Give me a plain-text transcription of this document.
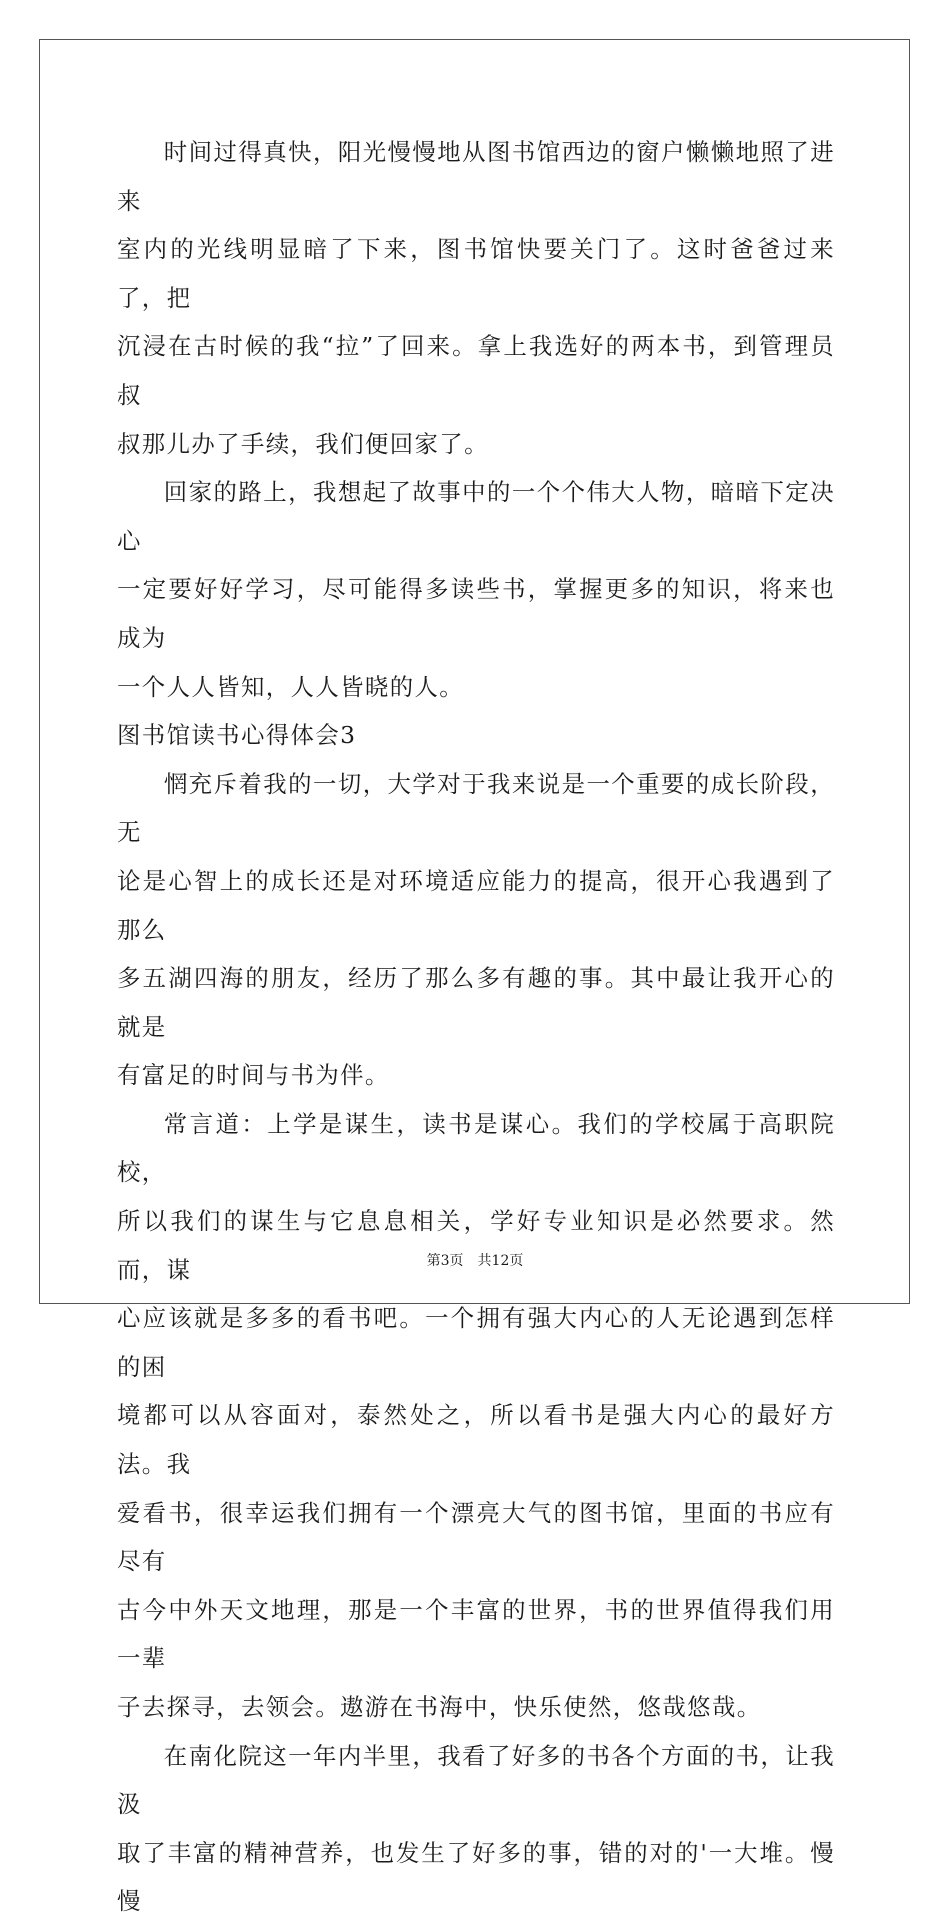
时间过得真快，阳光慢慢地从图书馆西边的窗户懒懒地照了进来
室内的光线明显暗了下来，图书馆快要关门了。这时爸爸过来了，把
沉浸在古时候的我“拉”了回来。拿上我选好的两本书，到管理员叔
叔那儿办了手续，我们便回家了。

回家的路上，我想起了故事中的一个个伟大人物，暗暗下定决心
一定要好好学习，尽可能得多读些书，掌握更多的知识，将来也成为
一个人人皆知，人人皆晓的人。

图书馆读书心得体会3

惘充斥着我的一切，大学对于我来说是一个重要的成长阶段，无
论是心智上的成长还是对环境适应能力的提高，很开心我遇到了那么
多五湖四海的朋友，经历了那么多有趣的事。其中最让我开心的就是
有富足的时间与书为伴。

常言道：上学是谋生，读书是谋心。我们的学校属于高职院校，
所以我们的谋生与它息息相关，学好专业知识是必然要求。然而，谋
心应该就是多多的看书吧。一个拥有强大内心的人无论遇到怎样的困
境都可以从容面对，泰然处之，所以看书是强大内心的最好方法。我
爱看书，很幸运我们拥有一个漂亮大气的图书馆，里面的书应有尽有
古今中外天文地理，那是一个丰富的世界，书的世界值得我们用一辈
子去探寻，去领会。遨游在书海中，快乐使然，悠哉悠哉。

在南化院这一年内半里，我看了好多的书各个方面的书，让我汲
取了丰富的精神营养，也发生了好多的事，错的对的'一大堆。慢慢

第3页　共12页
